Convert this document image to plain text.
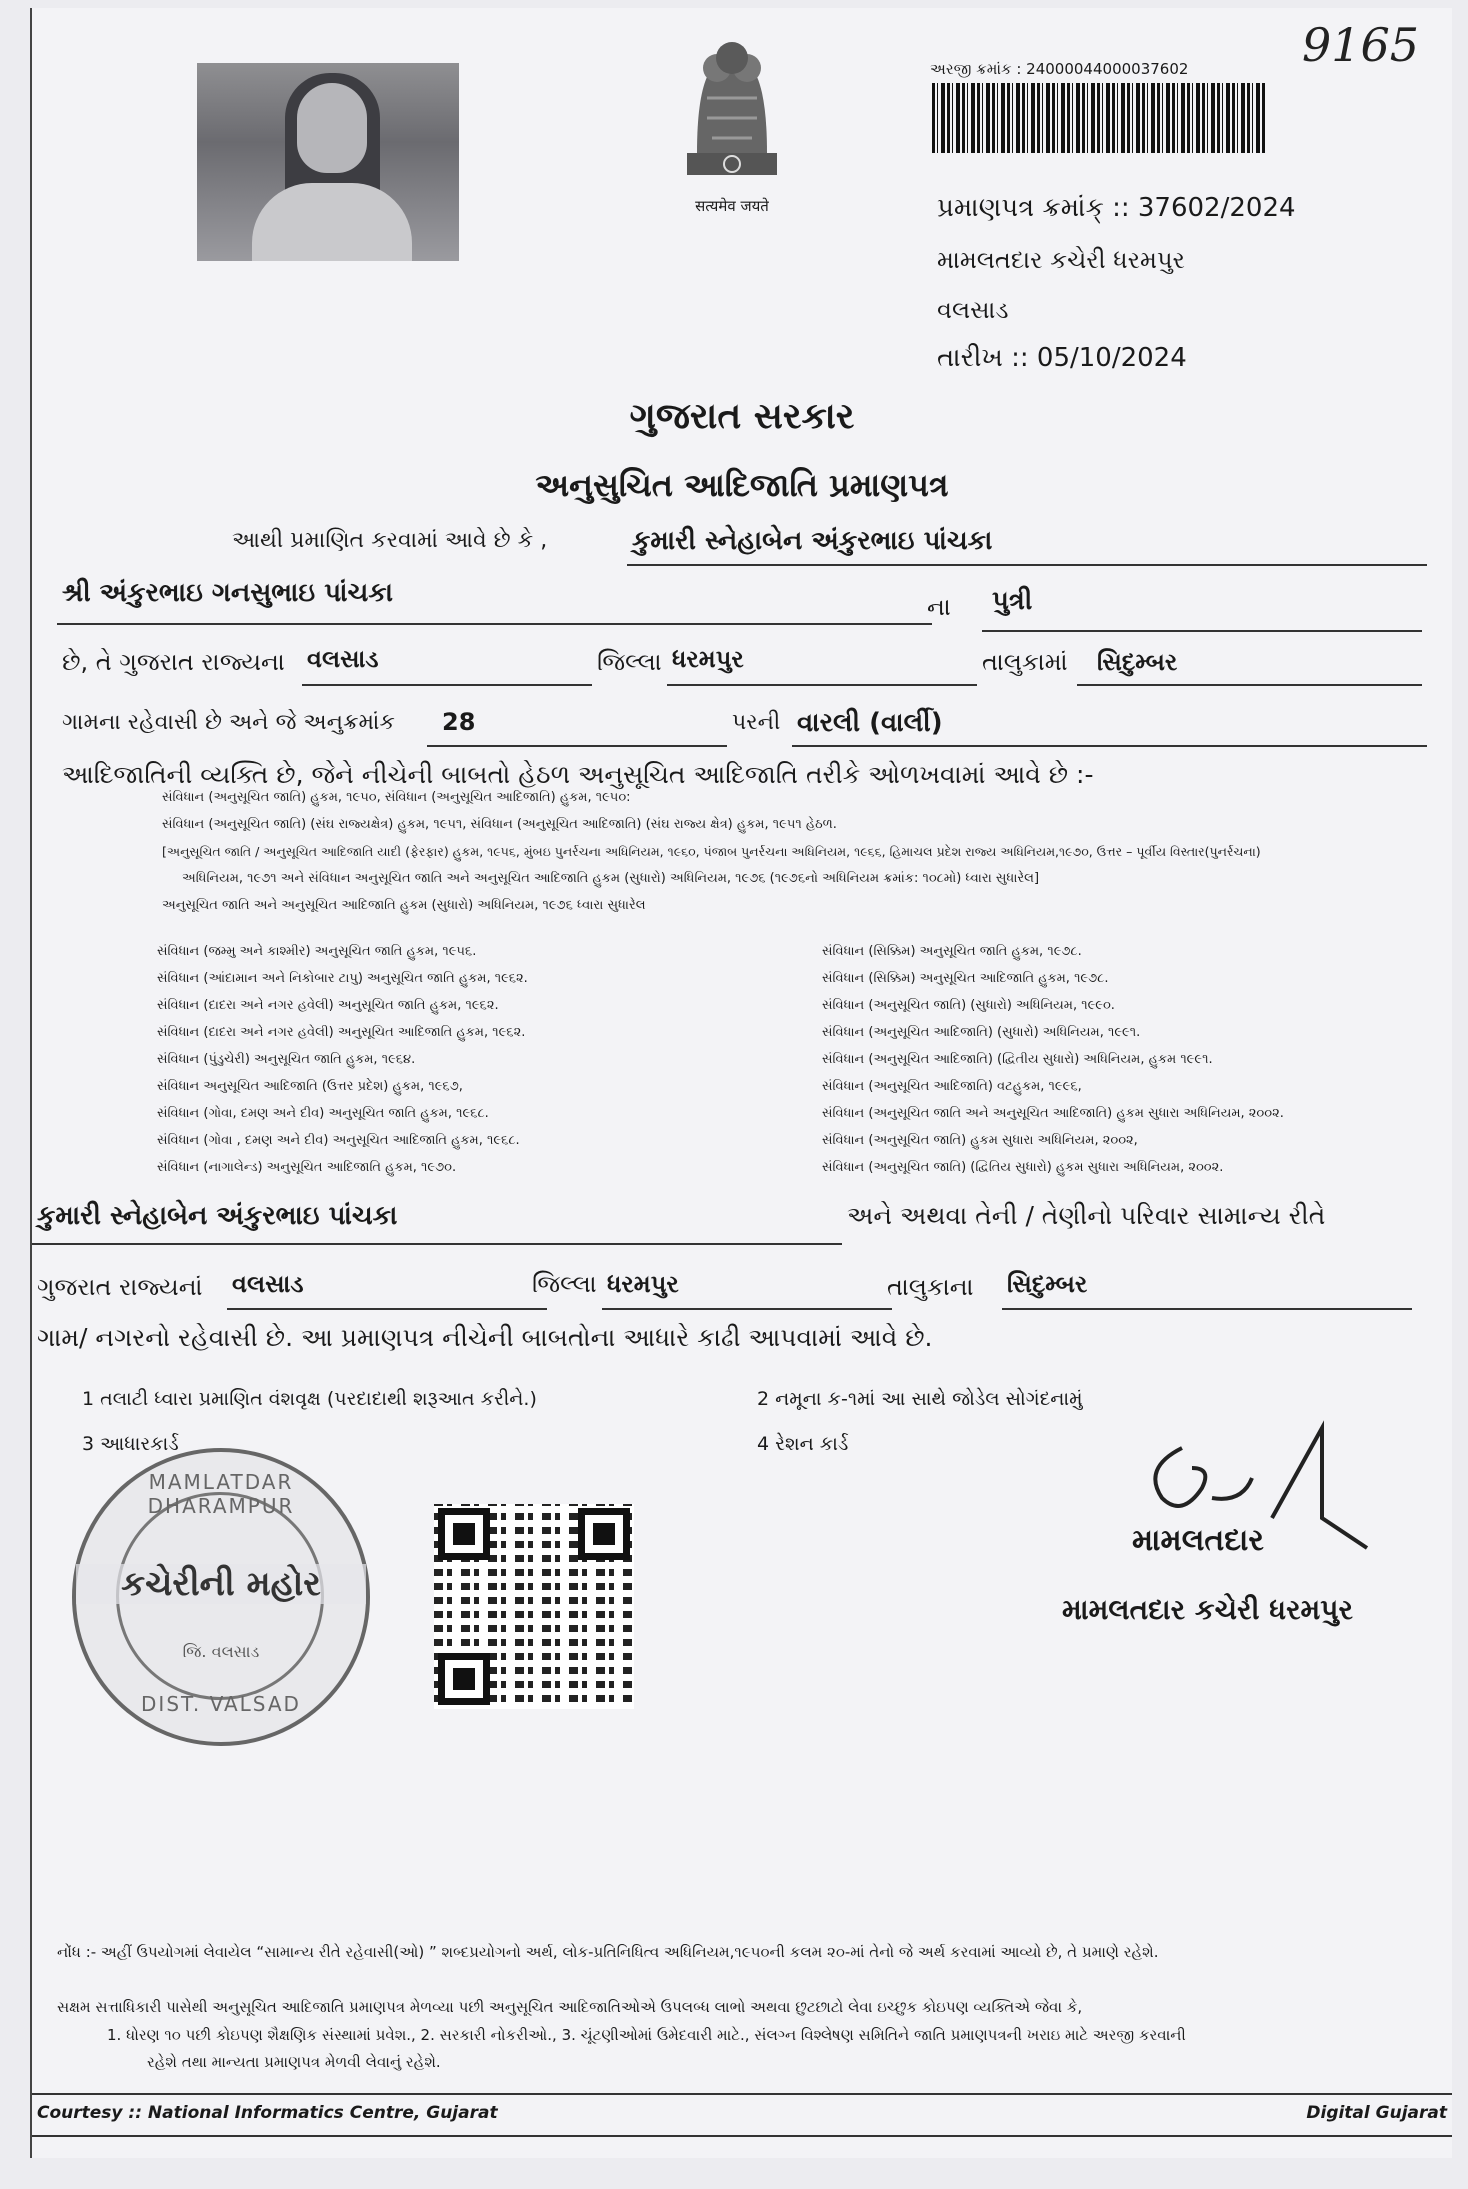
सत्यमेव जयते
અરજી ક્રમાંક : 24000044000037602 9165
પ્રમાણપત્ર ક્રમાંક્ :: 37602/2024
મામલતદાર કચેરી ધરમપુર
વલસાડ
તારીખ :: 05/10/2024
ગુજરાત સરકાર
અનુસુચિત આદિજાતિ પ્રમાણપત્ર
આથી પ્રમાણિત કરવામાં આવે છે કે ,	કુમારી સ્નેહાબેન અંકુરભાઇ પાંચકા
શ્રી અંકુરભાઇ ગનસુભાઇ પાંચકા	ના પુત્રી
છે, તે ગુજરાત રાજ્યના વલસાડ	જિલ્લા ધરમપુર	તાલુકામાં સિદુમ્બર
ગામના રહેવાસી છે અને જે અનુક્રમાંક 28	પરની વારલી (વાર્લી)
આદિજાતિની વ્યક્તિ છે, જેને નીચેની બાબતો હેઠળ અનુસૂચિત આદિજાતિ તરીકે ઓળખવામાં આવે છે :-
સંવિધાન (અનુસૂચિત જાતિ) હુકમ, ૧૯૫૦, સંવિધાન (અનુસૂચિત આદિજાતિ) હુકમ, ૧૯૫૦:
સંવિધાન (અનુસૂચિત જાતિ) (સંઘ રાજ્યક્ષેત્ર) હુકમ, ૧૯૫૧, સંવિધાન (અનુસૂચિત આદિજાતિ) (સંઘ રાજ્ય ક્ષેત્ર) હુકમ, ૧૯૫૧ હેઠળ.
[અનુસૂચિત જાતિ / અનુસૂચિત આદિજાતિ યાદી (ફેરફાર) હુકમ, ૧૯૫૬, મુંબઇ પુનર્રચના અધિનિયમ, ૧૯૬૦, પંજાબ પુનર્રચના અધિનિયમ, ૧૯૬૬, હિમાચલ પ્રદેશ રાજ્ય અધિનિયમ,૧૯૭૦, ઉત્તર – પૂર્વીય વિસ્તાર(પુનર્રચના)
અધિનિયમ, ૧૯૭૧ અને સંવિધાન અનુસૂચિત જાતિ અને અનુસૂચિત આદિજાતિ હુકમ (સુધારો) અધિનિયમ, ૧૯૭૬ (૧૯૭૬નો અધિનિયમ ક્રમાંક: ૧૦૮મો) ધ્વારા સુધારેલ]
અનુસૂચિત જાતિ અને અનુસૂચિત આદિજાતિ હુકમ (સુધારો) અધિનિયમ, ૧૯૭૬ ધ્વારા સુધારેલ
સંવિધાન (જમ્મુ અને કાશ્મીર) અનુસૂચિત જાતિ હુકમ, ૧૯૫૬.
સંવિધાન (આંદામાન અને નિકોબાર ટાપુ) અનુસૂચિત જાતિ હુકમ, ૧૯૬૨.
સંવિધાન (દાદરા અને નગર હવેલી) અનુસૂચિત જાતિ હુકમ, ૧૯૬૨.
સંવિધાન (દાદરા અને નગર હવેલી) અનુસૂચિત આદિજાતિ હુકમ, ૧૯૬૨.
સંવિધાન (પુંડુચેરી) અનુસૂચિત જાતિ હુકમ, ૧૯૬૪.
સંવિધાન અનુસૂચિત આદિજાતિ (ઉત્તર પ્રદેશ) હુકમ, ૧૯૬૭,
સંવિધાન (ગોવા, દમણ અને દીવ) અનુસૂચિત જાતિ હુકમ, ૧૯૬૮.
સંવિધાન (ગોવા , દમણ અને દીવ) અનુસૂચિત આદિજાતિ હુકમ, ૧૯૬૮.
સંવિધાન (નાગાલેન્ડ) અનુસૂચિત આદિજાતિ હુકમ, ૧૯૭૦.
સંવિધાન (સિક્કિમ) અનુસૂચિત જાતિ હુકમ, ૧૯૭૮.
સંવિધાન (સિક્કિમ) અનુસૂચિત આદિજાતિ હુકમ, ૧૯૭૮.
સંવિધાન (અનુસૂચિત જાતિ) (સુધારો) અધિનિયમ, ૧૯૯૦.
સંવિધાન (અનુસૂચિત આદિજાતિ) (સુધારો) અધિનિયમ, ૧૯૯૧.
સંવિધાન (અનુસૂચિત આદિજાતિ) (દ્વિતીય સુધારો) અધિનિયમ, હુકમ ૧૯૯૧.
સંવિધાન (અનુસૂચિત આદિજાતિ) વટહુકમ, ૧૯૯૬,
સંવિધાન (અનુસૂચિત જાતિ અને અનુસૂચિત આદિજાતિ) હુકમ સુધારા અધિનિયમ, ૨૦૦૨.
સંવિધાન (અનુસૂચિત જાતિ) હુકમ સુધારા અધિનિયમ, ૨૦૦૨,
સંવિધાન (અનુસૂચિત જાતિ) (દ્વિતિય સુધારો) હુકમ સુધારા અધિનિયમ, ૨૦૦૨.
કુમારી સ્નેહાબેન અંકુરભાઇ પાંચકા	અને અથવા તેની / તેણીનો પરિવાર સામાન્ય રીતે
ગુજરાત રાજ્યનાં વલસાડ	જિલ્લા ધરમપુર	તાલુકાના સિદુમ્બર
ગામ/ નગરનો રહેવાસી છે. આ પ્રમાણપત્ર નીચેની બાબતોના આધારે કાઢી આપવામાં આવે છે.
1 તલાટી ધ્વારા પ્રમાણિત વંશવૃક્ષ (પરદાદાથી શરૂઆત કરીને.)	2 નમૂના ક-૧માં આ સાથે જોડેલ સોગંદનામું
3 આધારકાર્ડ	4 રેશન કાર્ડ
MAMLATDAR DHARAMPUR
કચેરીની મહોર
જિ. વલસાડ
DIST. VALSAD
મામલતદાર
મામલતદાર કચેરી ધરમપુર
નોંધ :- અહીં ઉપયોગમાં લેવાયેલ “સામાન્ય રીતે રહેવાસી(ઓ) ” શબ્દપ્રયોગનો અર્થ, લોક-પ્રતિનિધિત્વ અધિનિયમ,૧૯૫૦ની કલમ ૨૦-માં તેનો જે અર્થ કરવામાં આવ્યો છે, તે પ્રમાણે રહેશે.
સક્ષમ સત્તાધિકારી પાસેથી અનુસૂચિત આદિજાતિ પ્રમાણપત્ર મેળવ્યા પછી અનુસૂચિત આદિજાતિઓએ ઉપલબ્ધ લાભો અથવા છુટછાટો લેવા ઇચ્છુક કોઇપણ વ્યક્તિએ જેવા કે,
1. ધોરણ ૧૦ પછી કોઇપણ શૈક્ષણિક સંસ્થામાં પ્રવેશ., 2. સરકારી નોકરીઓ., 3. ચૂંટણીઓમાં ઉમેદવારી માટે., સંલગ્ન વિશ્લેષણ સમિતિને જાતિ પ્રમાણપત્રની ખરાઇ માટે અરજી કરવાની
રહેશે તથા માન્યતા પ્રમાણપત્ર મેળવી લેવાનું રહેશે.
Courtesy :: National Informatics Centre, Gujarat	Digital Gujarat
